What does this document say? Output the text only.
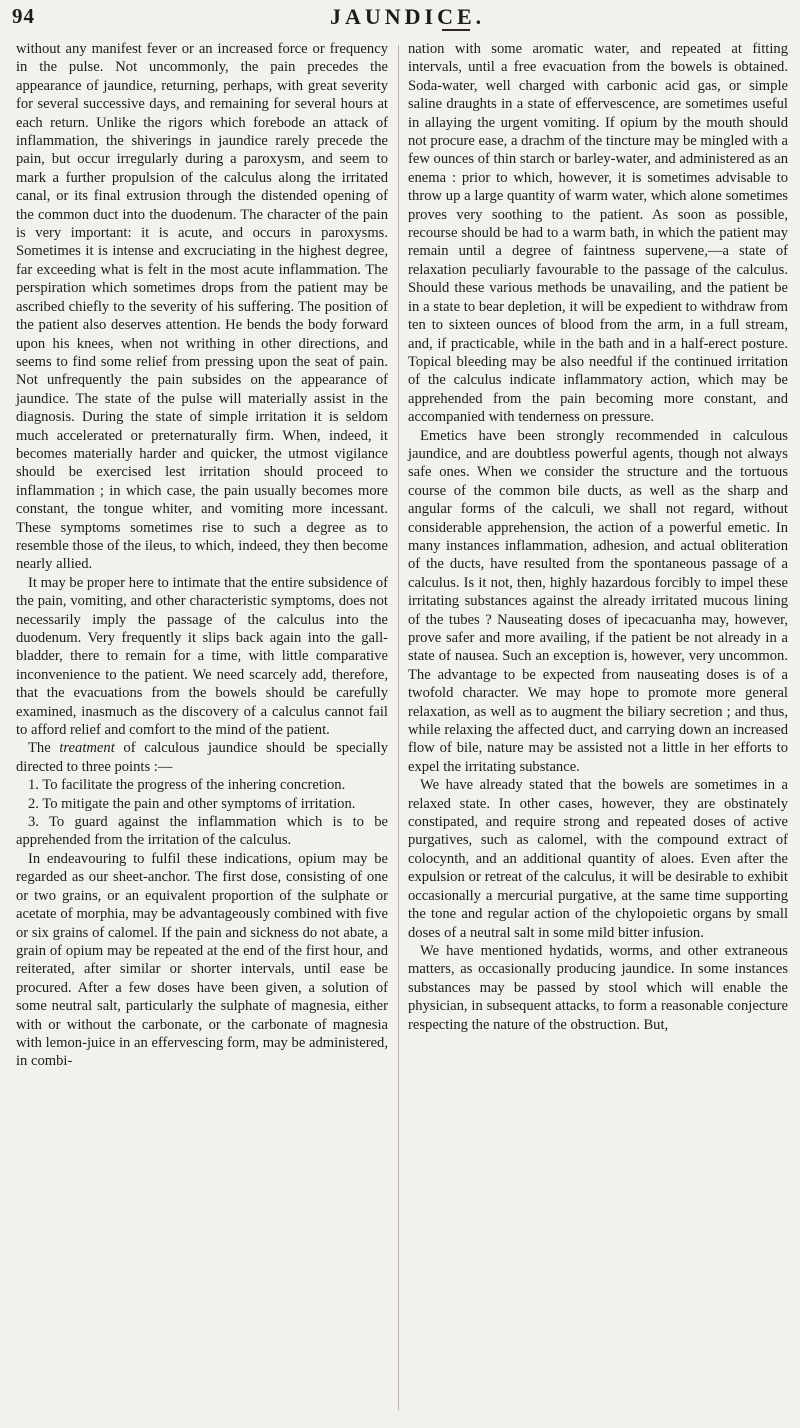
94	JAUNDICE.

without any manifest fever or an increased force or frequency in the pulse. Not uncommonly, the pain precedes the appearance of jaundice, returning, perhaps, with great severity for several successive days, and remaining for several hours at each return. Unlike the rigors which forebode an attack of inflammation, the shiverings in jaundice rarely precede the pain, but occur irregularly during a paroxysm, and seem to mark a further propulsion of the calculus along the irritated canal, or its final extrusion through the distended opening of the common duct into the duodenum. The character of the pain is very important: it is acute, and occurs in paroxysms. Sometimes it is intense and excruciating in the highest degree, far exceeding what is felt in the most acute inflammation. The perspiration which sometimes drops from the patient may be ascribed chiefly to the severity of his suffering. The position of the patient also deserves attention. He bends the body forward upon his knees, when not writhing in other directions, and seems to find some relief from pressing upon the seat of pain. Not unfrequently the pain subsides on the appearance of jaundice. The state of the pulse will materially assist in the diagnosis. During the state of simple irritation it is seldom much accelerated or preternaturally firm. When, indeed, it becomes materially harder and quicker, the utmost vigilance should be exercised lest irritation should proceed to inflammation ; in which case, the pain usually becomes more constant, the tongue whiter, and vomiting more incessant. These symptoms sometimes rise to such a degree as to resemble those of the ileus, to which, indeed, they then become nearly allied.

It may be proper here to intimate that the entire subsidence of the pain, vomiting, and other characteristic symptoms, does not necessarily imply the passage of the calculus into the duodenum. Very frequently it slips back again into the gall-bladder, there to remain for a time, with little comparative inconvenience to the patient. We need scarcely add, therefore, that the evacuations from the bowels should be carefully examined, inasmuch as the discovery of a calculus cannot fail to afford relief and comfort to the mind of the patient.

The treatment of calculous jaundice should be specially directed to three points :—

1. To facilitate the progress of the inhering concretion.

2. To mitigate the pain and other symptoms of irritation.

3. To guard against the inflammation which is to be apprehended from the irritation of the calculus.

In endeavouring to fulfil these indications, opium may be regarded as our sheet-anchor. The first dose, consisting of one or two grains, or an equivalent proportion of the sulphate or acetate of morphia, may be advantageously combined with five or six grains of calomel. If the pain and sickness do not abate, a grain of opium may be repeated at the end of the first hour, and reiterated, after similar or shorter intervals, until ease be procured. After a few doses have been given, a solution of some neutral salt, particularly the sulphate of magnesia, either with or without the carbonate, or the carbonate of magnesia with lemon-juice in an effervescing form, may be administered, in combi-

nation with some aromatic water, and repeated at fitting intervals, until a free evacuation from the bowels is obtained. Soda-water, well charged with carbonic acid gas, or simple saline draughts in a state of effervescence, are sometimes useful in allaying the urgent vomiting. If opium by the mouth should not procure ease, a drachm of the tincture may be mingled with a few ounces of thin starch or barley-water, and administered as an enema : prior to which, however, it is sometimes advisable to throw up a large quantity of warm water, which alone sometimes proves very soothing to the patient. As soon as possible, recourse should be had to a warm bath, in which the patient may remain until a degree of faintness supervene,—a state of relaxation peculiarly favourable to the passage of the calculus. Should these various methods be unavailing, and the patient be in a state to bear depletion, it will be expedient to withdraw from ten to sixteen ounces of blood from the arm, in a full stream, and, if practicable, while in the bath and in a half-erect posture. Topical bleeding may be also needful if the continued irritation of the calculus indicate inflammatory action, which may be apprehended from the pain becoming more constant, and accompanied with tenderness on pressure.

Emetics have been strongly recommended in calculous jaundice, and are doubtless powerful agents, though not always safe ones. When we consider the structure and the tortuous course of the common bile ducts, as well as the sharp and angular forms of the calculi, we shall not regard, without considerable apprehension, the action of a powerful emetic. In many instances inflammation, adhesion, and actual obliteration of the ducts, have resulted from the spontaneous passage of a calculus. Is it not, then, highly hazardous forcibly to impel these irritating substances against the already irritated mucous lining of the tubes ? Nauseating doses of ipecacuanha may, however, prove safer and more availing, if the patient be not already in a state of nausea. Such an exception is, however, very uncommon. The advantage to be expected from nauseating doses is of a twofold character. We may hope to promote more general relaxation, as well as to augment the biliary secretion ; and thus, while relaxing the affected duct, and carrying down an increased flow of bile, nature may be assisted not a little in her efforts to expel the irritating substance.

We have already stated that the bowels are sometimes in a relaxed state. In other cases, however, they are obstinately constipated, and require strong and repeated doses of active purgatives, such as calomel, with the compound extract of colocynth, and an additional quantity of aloes. Even after the expulsion or retreat of the calculus, it will be desirable to exhibit occasionally a mercurial purgative, at the same time supporting the tone and regular action of the chylopoietic organs by small doses of a neutral salt in some mild bitter infusion.

We have mentioned hydatids, worms, and other extraneous matters, as occasionally producing jaundice. In some instances substances may be passed by stool which will enable the physician, in subsequent attacks, to form a reasonable conjecture respecting the nature of the obstruction. But,
